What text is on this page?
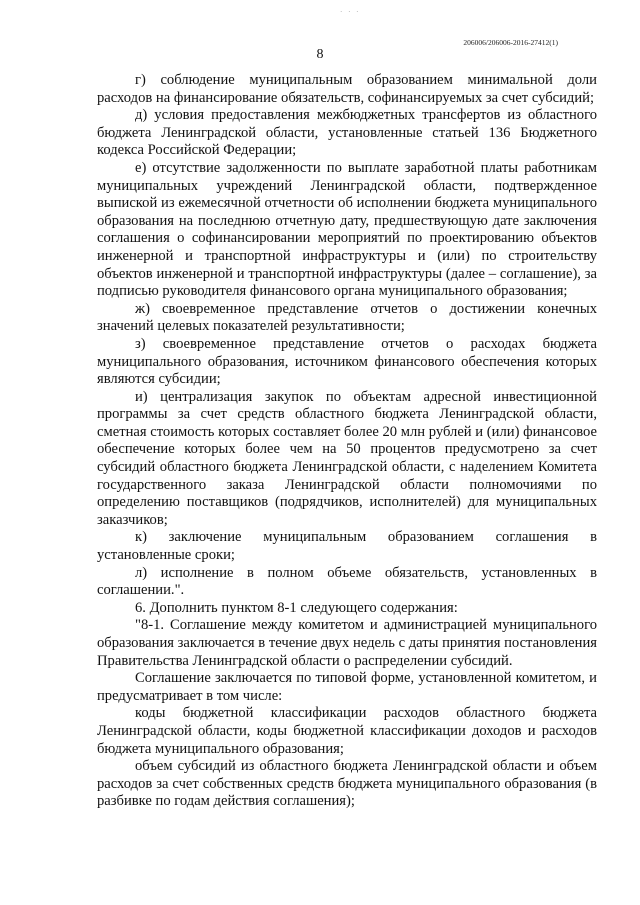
· · ·
206006/206006-2016-27412(1)
8

г) соблюдение муниципальным образованием минимальной доли расходов на финансирование обязательств, софинансируемых за счет субсидий;

д) условия предоставления межбюджетных трансфертов из областного бюджета Ленинградской области, установленные статьей 136 Бюджетного кодекса Российской Федерации;

е) отсутствие задолженности по выплате заработной платы работникам муниципальных учреждений Ленинградской области, подтвержденное выпиской из ежемесячной отчетности об исполнении бюджета муниципального образования на последнюю отчетную дату, предшествующую дате заключения соглашения о софинансировании мероприятий по проектированию объектов инженерной и транспортной инфраструктуры и (или) по строительству объектов инженерной и транспортной инфраструктуры (далее – соглашение), за подписью руководителя финансового органа муниципального образования;

ж) своевременное представление отчетов о достижении конечных значений целевых показателей результативности;

з) своевременное представление отчетов о расходах бюджета муниципального образования, источником финансового обеспечения которых являются субсидии;

и) централизация закупок по объектам адресной инвестиционной программы за счет средств областного бюджета Ленинградской области, сметная стоимость которых составляет более 20 млн рублей и (или) финансовое обеспечение которых более чем на 50 процентов предусмотрено за счет субсидий областного бюджета Ленинградской области, с наделением Комитета государственного заказа Ленинградской области полномочиями по определению поставщиков (подрядчиков, исполнителей) для муниципальных заказчиков;

к) заключение муниципальным образованием соглашения в установленные сроки;

л) исполнение в полном объеме обязательств, установленных в соглашении.".

6. Дополнить пунктом 8-1 следующего содержания:

"8-1. Соглашение между комитетом и администрацией муниципального образования заключается в течение двух недель с даты принятия постановления Правительства Ленинградской области о распределении субсидий.

Соглашение заключается по типовой форме, установленной комитетом, и предусматривает в том числе:

коды бюджетной классификации расходов областного бюджета Ленинградской области, коды бюджетной классификации доходов и расходов бюджета муниципального образования;

объем субсидий из областного бюджета Ленинградской области и объем расходов за счет собственных средств бюджета муниципального образования (в разбивке по годам действия соглашения);
